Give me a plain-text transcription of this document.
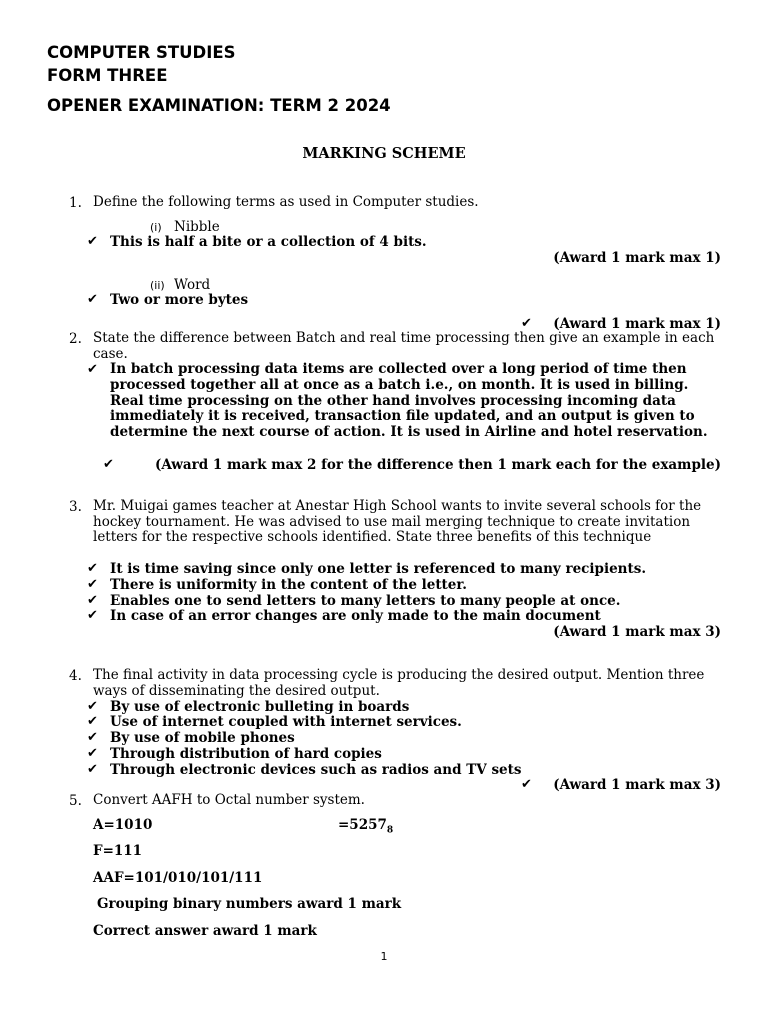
COMPUTER STUDIES
FORM THREE
OPENER EXAMINATION: TERM 2 2024
MARKING SCHEME
1. Define the following terms as used in Computer studies.
(i) Nibble
✔ This is half a bite or a collection of 4 bits.
(Award 1 mark max 1)
(ii) Word
✔ Two or more bytes
✔ (Award 1 mark max 1)
2. State the difference between Batch and real time processing then give an example in each case.
✔ In batch processing data items are collected over a long period of time then processed together all at once as a batch i.e., on month. It is used in billing. Real time processing on the other hand involves processing incoming data immediately it is received, transaction file updated, and an output is given to determine the next course of action. It is used in Airline and hotel reservation.
✔	(Award 1 mark max 2 for the difference then 1 mark each for the example)
3. Mr. Muigai games teacher at Anestar High School wants to invite several schools for the hockey tournament. He was advised to use mail merging technique to create invitation letters for the respective schools identified. State three benefits of this technique
✔ It is time saving since only one letter is referenced to many recipients.
✔ There is uniformity in the content of the letter.
✔ Enables one to send letters to many letters to many people at once.
✔ In case of an error changes are only made to the main document
(Award 1 mark max 3)
4. The final activity in data processing cycle is producing the desired output. Mention three ways of disseminating the desired output.
✔ By use of electronic bulleting in boards
✔ Use of internet coupled with internet services.
✔ By use of mobile phones
✔ Through distribution of hard copies
✔ Through electronic devices such as radios and TV sets
✔ (Award 1 mark max 3)
5. Convert AAFH to Octal number system.
A=1010	$=5257_8$
F=111
AAF=101/010/101/111
Grouping binary numbers award 1 mark
Correct answer award 1 mark
1
